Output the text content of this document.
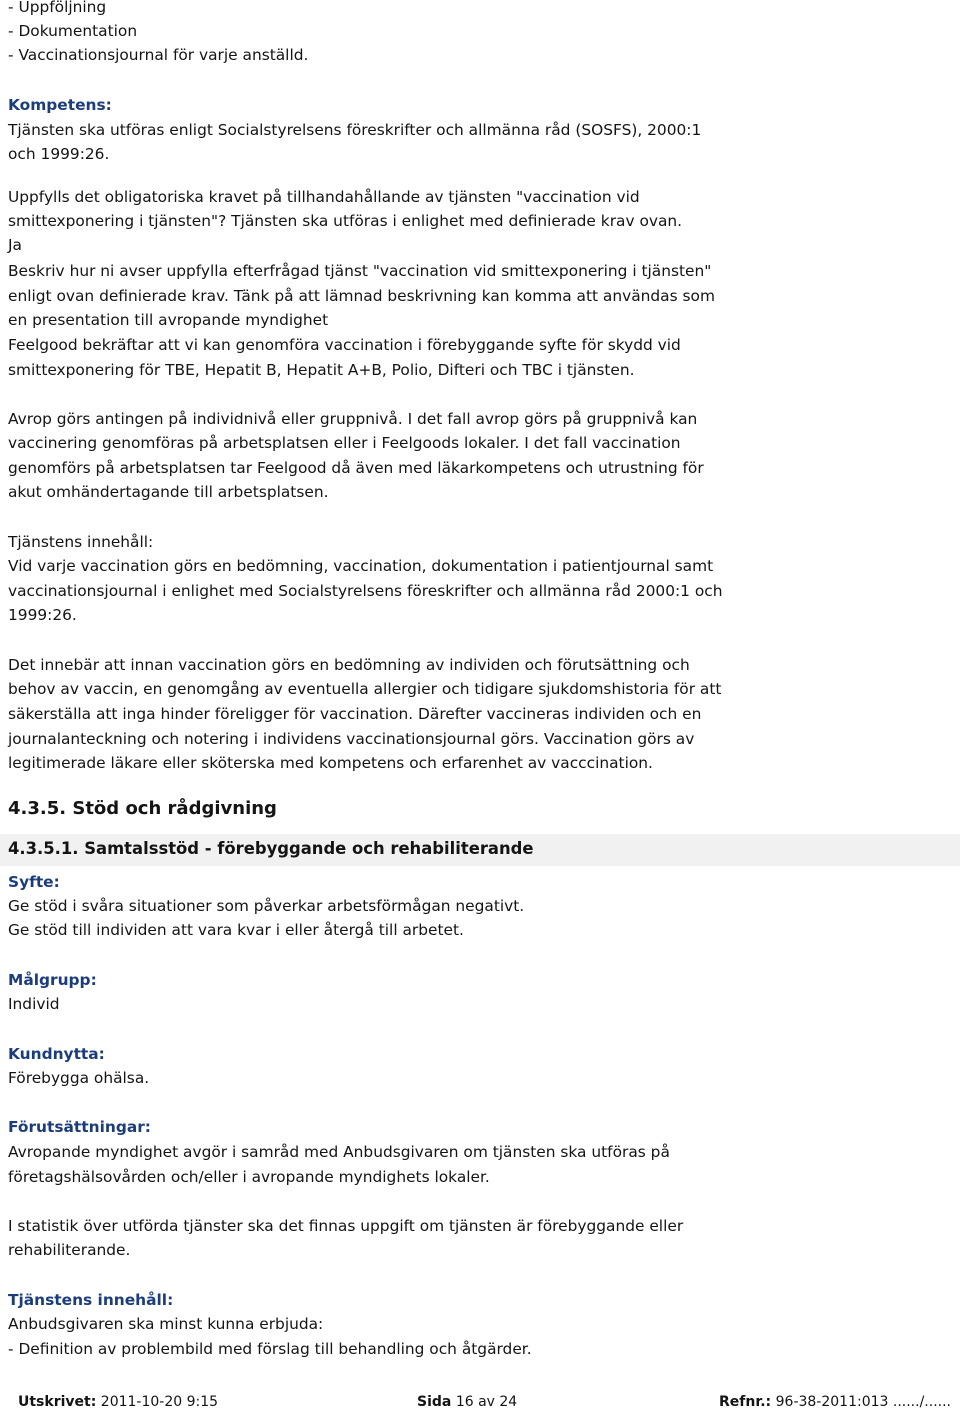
- Uppföljning
- Dokumentation
- Vaccinationsjournal för varje anställd.
Kompetens:
Tjänsten ska utföras enligt Socialstyrelsens föreskrifter och allmänna råd (SOSFS), 2000:1
och 1999:26.
Uppfylls det obligatoriska kravet på tillhandahållande av tjänsten "vaccination vid
smittexponering i tjänsten"? Tjänsten ska utföras i enlighet med definierade krav ovan.
Ja
Beskriv hur ni avser uppfylla efterfrågad tjänst "vaccination vid smittexponering i tjänsten"
enligt ovan definierade krav. Tänk på att lämnad beskrivning kan komma att användas som
en presentation till avropande myndighet
Feelgood bekräftar att vi kan genomföra vaccination i förebyggande syfte för skydd vid
smittexponering för TBE, Hepatit B, Hepatit A+B, Polio, Difteri och TBC i tjänsten.
Avrop görs antingen på individnivå eller gruppnivå. I det fall avrop görs på gruppnivå kan
vaccinering genomföras på arbetsplatsen eller i Feelgoods lokaler. I det fall vaccination
genomförs på arbetsplatsen tar Feelgood då även med läkarkompetens och utrustning för
akut omhändertagande till arbetsplatsen.
Tjänstens innehåll:
Vid varje vaccination görs en bedömning, vaccination, dokumentation i patientjournal samt
vaccinationsjournal i enlighet med Socialstyrelsens föreskrifter och allmänna råd 2000:1 och
1999:26.
Det innebär att innan vaccination görs en bedömning av individen och förutsättning och
behov av vaccin, en genomgång av eventuella allergier och tidigare sjukdomshistoria för att
säkerställa att inga hinder föreligger för vaccination. Därefter vaccineras individen och en
journalanteckning och notering i individens vaccinationsjournal görs. Vaccination görs av
legitimerade läkare eller sköterska med kompetens och erfarenhet av vacccination.
4.3.5. Stöd och rådgivning
4.3.5.1. Samtalsstöd - förebyggande och rehabiliterande
Syfte:
Ge stöd i svåra situationer som påverkar arbetsförmågan negativt.
Ge stöd till individen att vara kvar i eller återgå till arbetet.
Målgrupp:
Individ
Kundnytta:
Förebygga ohälsa.
Förutsättningar:
Avropande myndighet avgör i samråd med Anbudsgivaren om tjänsten ska utföras på
företagshälsovården och/eller i avropande myndighets lokaler.
I statistik över utförda tjänster ska det finnas uppgift om tjänsten är förebyggande eller
rehabiliterande.
Tjänstens innehåll:
Anbudsgivaren ska minst kunna erbjuda:
- Definition av problembild med förslag till behandling och åtgärder.
Utskrivet: 2011-10-20 9:15	Sida 16 av 24	Refnr.: 96-38-2011:013 ....../......
